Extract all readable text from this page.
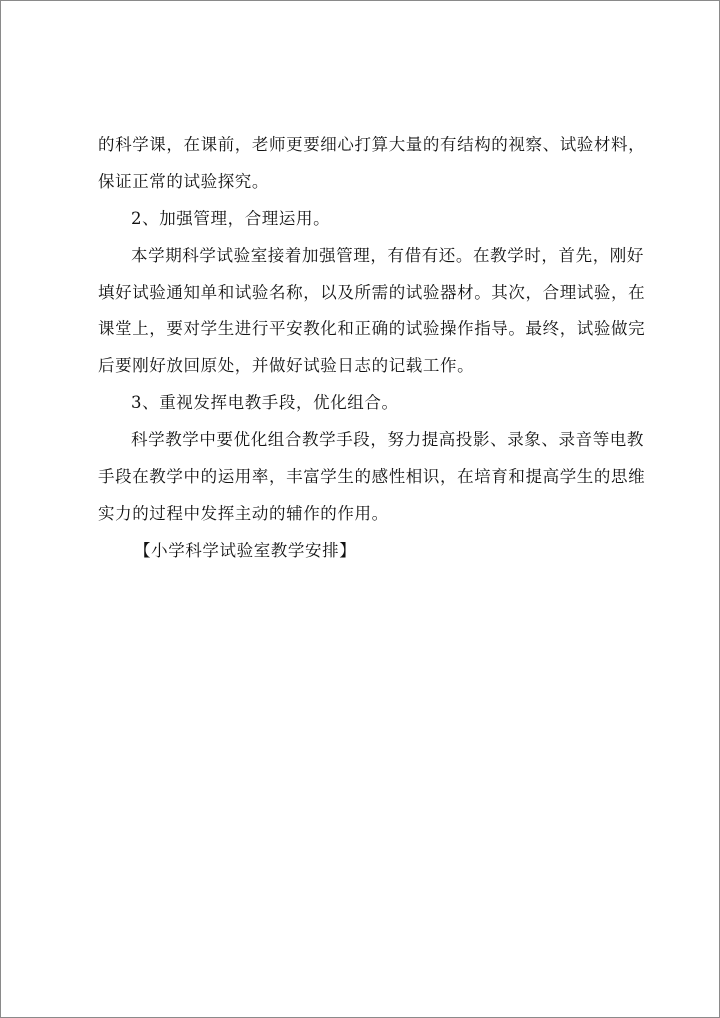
的科学课，在课前，老师更要细心打算大量的有结构的视察、试验材料，
保证正常的试验探究。
2、加强管理，合理运用。
本学期科学试验室接着加强管理，有借有还。在教学时，首先，刚好
填好试验通知单和试验名称，以及所需的试验器材。其次，合理试验，在
课堂上，要对学生进行平安教化和正确的试验操作指导。最终，试验做完
后要刚好放回原处，并做好试验日志的记载工作。
3、重视发挥电教手段，优化组合。
科学教学中要优化组合教学手段，努力提高投影、录象、录音等电教
手段在教学中的运用率，丰富学生的感性相识，在培育和提高学生的思维
实力的过程中发挥主动的辅作的作用。
【小学科学试验室教学安排】
